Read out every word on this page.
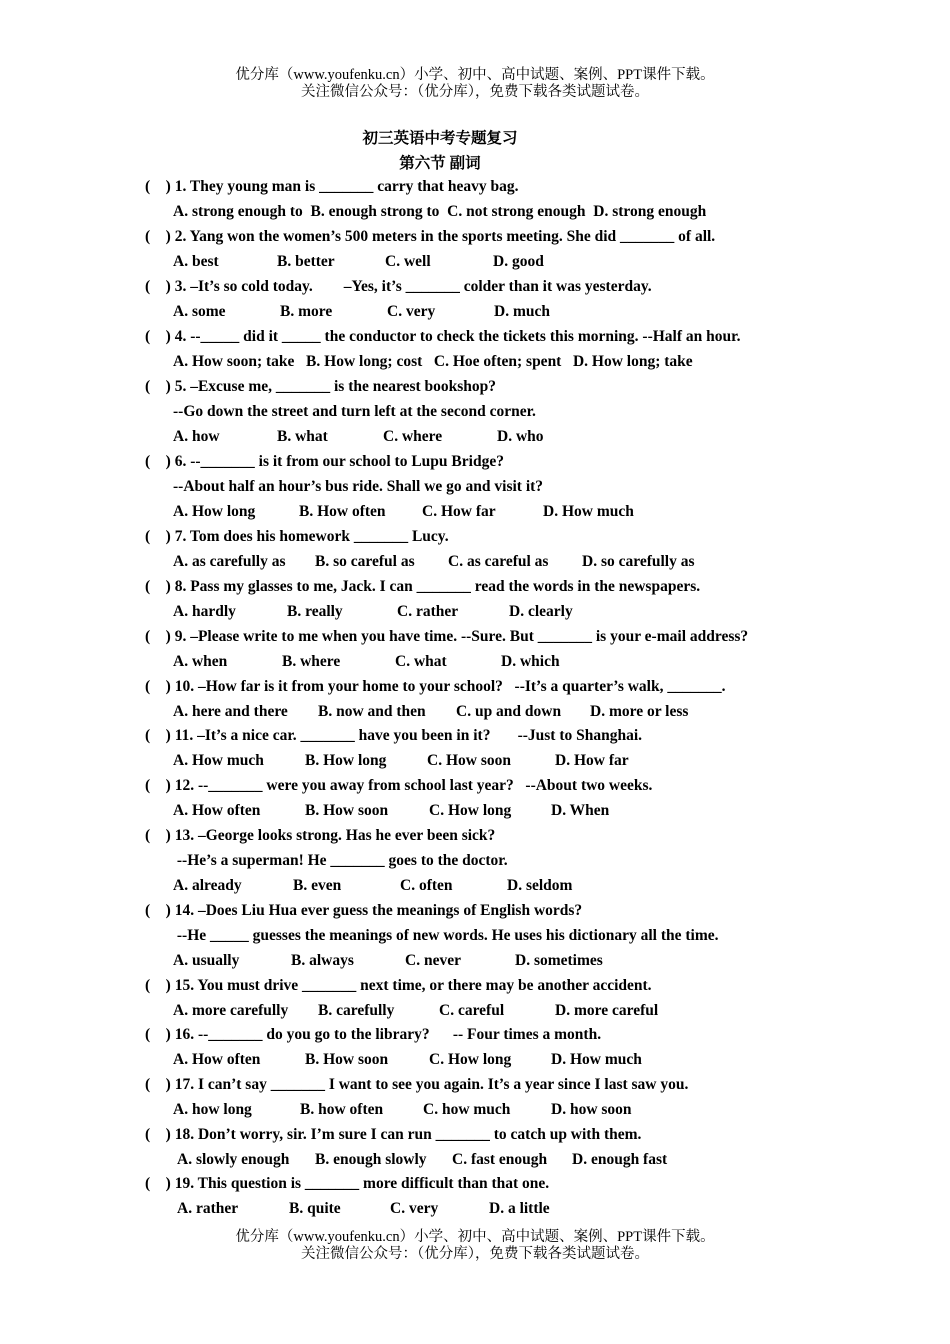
优分库（www.youfenku.cn）小学、初中、高中试题、案例、PPT课件下载。
关注微信公众号：（优分库），免费下载各类试题试卷。
初三英语中考专题复习
第六节 副词
(    ) 1. They young man is _______ carry that heavy bag.
A. strong enough to  B. enough strong to  C. not strong enough  D. strong enough
(    ) 2. Yang won the women’s 500 meters in the sports meeting. She did _______ of all.
A. best	B. better	C. well	D. good
(    ) 3. –It’s so cold today.        –Yes, it’s _______ colder than it was yesterday.
A. some	B. more	C. very	D. much
(    ) 4. --_____ did it _____ the conductor to check the tickets this morning. --Half an hour.
A. How soon; take   B. How long; cost   C. Hoe often; spent   D. How long; take
(    ) 5. –Excuse me, _______ is the nearest bookshop?
--Go down the street and turn left at the second corner.
A. how	B. what	C. where	D. who
(    ) 6. --_______ is it from our school to Lupu Bridge?
--About half an hour’s bus ride. Shall we go and visit it?
A. How long	B. How often C. How far	D. How much
(    ) 7. Tom does his homework _______ Lucy.
A. as carefully as B. so careful as C. as careful as D. so carefully as
(    ) 8. Pass my glasses to me, Jack. I can _______ read the words in the newspapers.
A. hardly	B. really	C. rather	D. clearly
(    ) 9. –Please write to me when you have time. --Sure. But _______ is your e-mail address?
A. when	B. where	C. what	D. which
(    ) 10. –How far is it from your home to your school?   --It’s a quarter’s walk, _______.
A. here and there B. now and then C. up and down D. more or less
(    ) 11. –It’s a nice car. _______ have you been in it?       --Just to Shanghai.
A. How much	B. How long	C. How soon	D. How far
(    ) 12. --_______ were you away from school last year?   --About two weeks.
A. How often	B. How soon	C. How long	D. When
(    ) 13. –George looks strong. Has he ever been sick?
--He’s a superman! He _______ goes to the doctor.
A. already	B. even	C. often	D. seldom
(    ) 14. –Does Liu Hua ever guess the meanings of English words?
--He _____ guesses the meanings of new words. He uses his dictionary all the time.
A. usually	B. always	C. never	D. sometimes
(    ) 15. You must drive _______ next time, or there may be another accident.
A. more carefully B. carefully	C. careful	D. more careful
(    ) 16. --_______ do you go to the library?      -- Four times a month.
A. How often	B. How soon	C. How long	D. How much
(    ) 17. I can’t say _______ I want to see you again. It’s a year since I last saw you.
A. how long	B. how often	C. how much	D. how soon
(    ) 18. Don’t worry, sir. I’m sure I can run _______ to catch up with them.
A. slowly enough B. enough slowly C. fast enough D. enough fast
(    ) 19. This question is _______ more difficult than that one.
A. rather	B. quite	C. very	D. a little
优分库（www.youfenku.cn）小学、初中、高中试题、案例、PPT课件下载。
关注微信公众号：（优分库），免费下载各类试题试卷。
